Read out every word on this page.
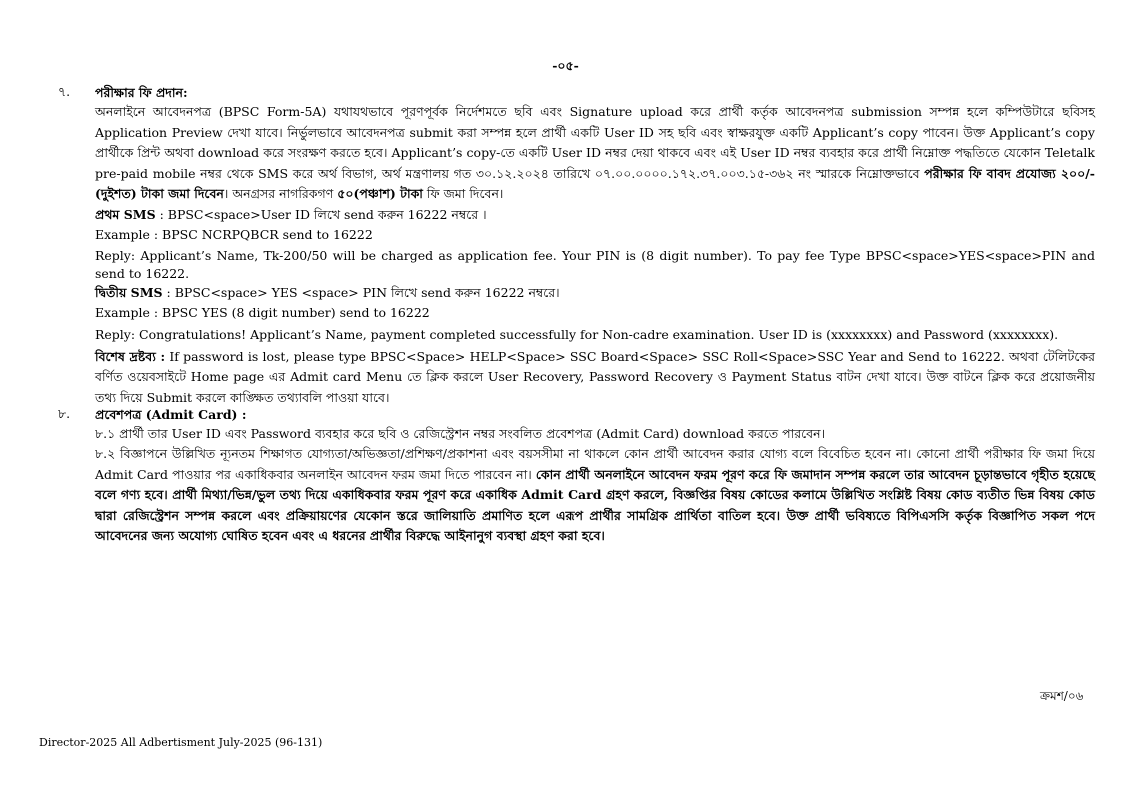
-০৫-
৭. পরীক্ষার ফি প্রদান:

অনলাইনে আবেদনপত্র (BPSC Form-5A) যথাযথভাবে পূরণপূর্বক নির্দেশমতে ছবি এবং Signature upload করে প্রার্থী কর্তৃক আবেদনপত্র submission সম্পন্ন হলে কম্পিউটারে ছবিসহ Application Preview দেখা যাবে। নির্ভুলভাবে আবেদনপত্র submit করা সম্পন্ন হলে প্রার্থী একটি User ID সহ ছবি এবং স্বাক্ষরযুক্ত একটি Applicant’s copy পাবেন। উক্ত Applicant’s copy প্রার্থীকে প্রিন্ট অথবা download করে সংরক্ষণ করতে হবে। Applicant’s copy-তে একটি User ID নম্বর দেয়া থাকবে এবং এই User ID নম্বর ব্যবহার করে প্রার্থী নিম্নোক্ত পদ্ধতিতে যেকোন Teletalk pre-paid mobile নম্বর থেকে SMS করে অর্থ বিভাগ, অর্থ মন্ত্রণালয় গত ৩০.১২.২০২৪ তারিখে ০৭.০০.০০০০.১৭২.৩৭.০০৩.১৫-৩৬২ নং স্মারকে নিম্নোক্তভাবে পরীক্ষার ফি বাবদ প্রযোজ্য ২০০/-(দুইশত) টাকা জমা দিবেন। অনগ্রসর নাগরিকগণ ৫০(পঞ্চাশ) টাকা ফি জমা দিবেন।

প্রথম SMS : BPSC<space>User ID লিখে send করুন 16222 নম্বরে ।

Example : BPSC NCRPQBCR send to 16222

Reply: Applicant’s Name, Tk-200/50 will be charged as application fee. Your PIN is (8 digit number). To pay fee Type BPSC<space>YES<space>PIN and send to 16222.

দ্বিতীয় SMS : BPSC<space> YES <space> PIN লিখে send করুন 16222 নম্বরে।

Example : BPSC YES (8 digit number) send to 16222

Reply: Congratulations! Applicant’s Name, payment completed successfully for Non-cadre examination. User ID is (xxxxxxxx) and Password (xxxxxxxx).

বিশেষ দ্রষ্টব্য : If password is lost, please type BPSC<Space> HELP<Space> SSC Board<Space> SSC Roll<Space>SSC Year and Send to 16222. অথবা টেলিটকের বর্ণিত ওয়েবসাইটে Home page এর Admit card Menu তে ক্লিক করলে User Recovery, Password Recovery ও Payment Status বাটন দেখা যাবে। উক্ত বাটনে ক্লিক করে প্রয়োজনীয় তথ্য দিয়ে Submit করলে কাঙ্ক্ষিত তথ্যাবলি পাওয়া যাবে।

৮. প্রবেশপত্র (Admit Card) :

৮.১ প্রার্থী তার User ID এবং Password ব্যবহার করে ছবি ও রেজিস্ট্রেশন নম্বর সংবলিত প্রবেশপত্র (Admit Card) download করতে পারবেন।

৮.২ বিজ্ঞাপনে উল্লিখিত ন্যূনতম শিক্ষাগত যোগ্যতা/অভিজ্ঞতা/প্রশিক্ষণ/প্রকাশনা এবং বয়সসীমা না থাকলে কোন প্রার্থী আবেদন করার যোগ্য বলে বিবেচিত হবেন না। কোনো প্রার্থী পরীক্ষার ফি জমা দিয়ে Admit Card পাওয়ার পর একাধিকবার অনলাইন আবেদন ফরম জমা দিতে পারবেন না। কোন প্রার্থী অনলাইনে আবেদন ফরম পূরণ করে ফি জমাদান সম্পন্ন করলে তার আবেদন চূড়ান্তভাবে গৃহীত হয়েছে বলে গণ্য হবে। প্রার্থী মিথ্যা/ভিন্ন/ভুল তথ্য দিয়ে একাধিকবার ফরম পূরণ করে একাধিক Admit Card গ্রহণ করলে, বিজ্ঞপ্তির বিষয় কোডের কলামে উল্লিখিত সংশ্লিষ্ট বিষয় কোড ব্যতীত ভিন্ন বিষয় কোড দ্বারা রেজিস্ট্রেশন সম্পন্ন করলে এবং প্রক্রিয়ায়ণের যেকোন স্তরে জালিয়াতি প্রমাণিত হলে এরূপ প্রার্থীর সামগ্রিক প্রার্থিতা বাতিল হবে। উক্ত প্রার্থী ভবিষ্যতে বিপিএসসি কর্তৃক বিজ্ঞাপিত সকল পদে আবেদনের জন্য অযোগ্য ঘোষিত হবেন এবং এ ধরনের প্রার্থীর বিরুদ্ধে আইনানুগ ব্যবস্থা গ্রহণ করা হবে।

ক্রমশ/০৬
Director-2025 All Adbertisment July-2025 (96-131)
